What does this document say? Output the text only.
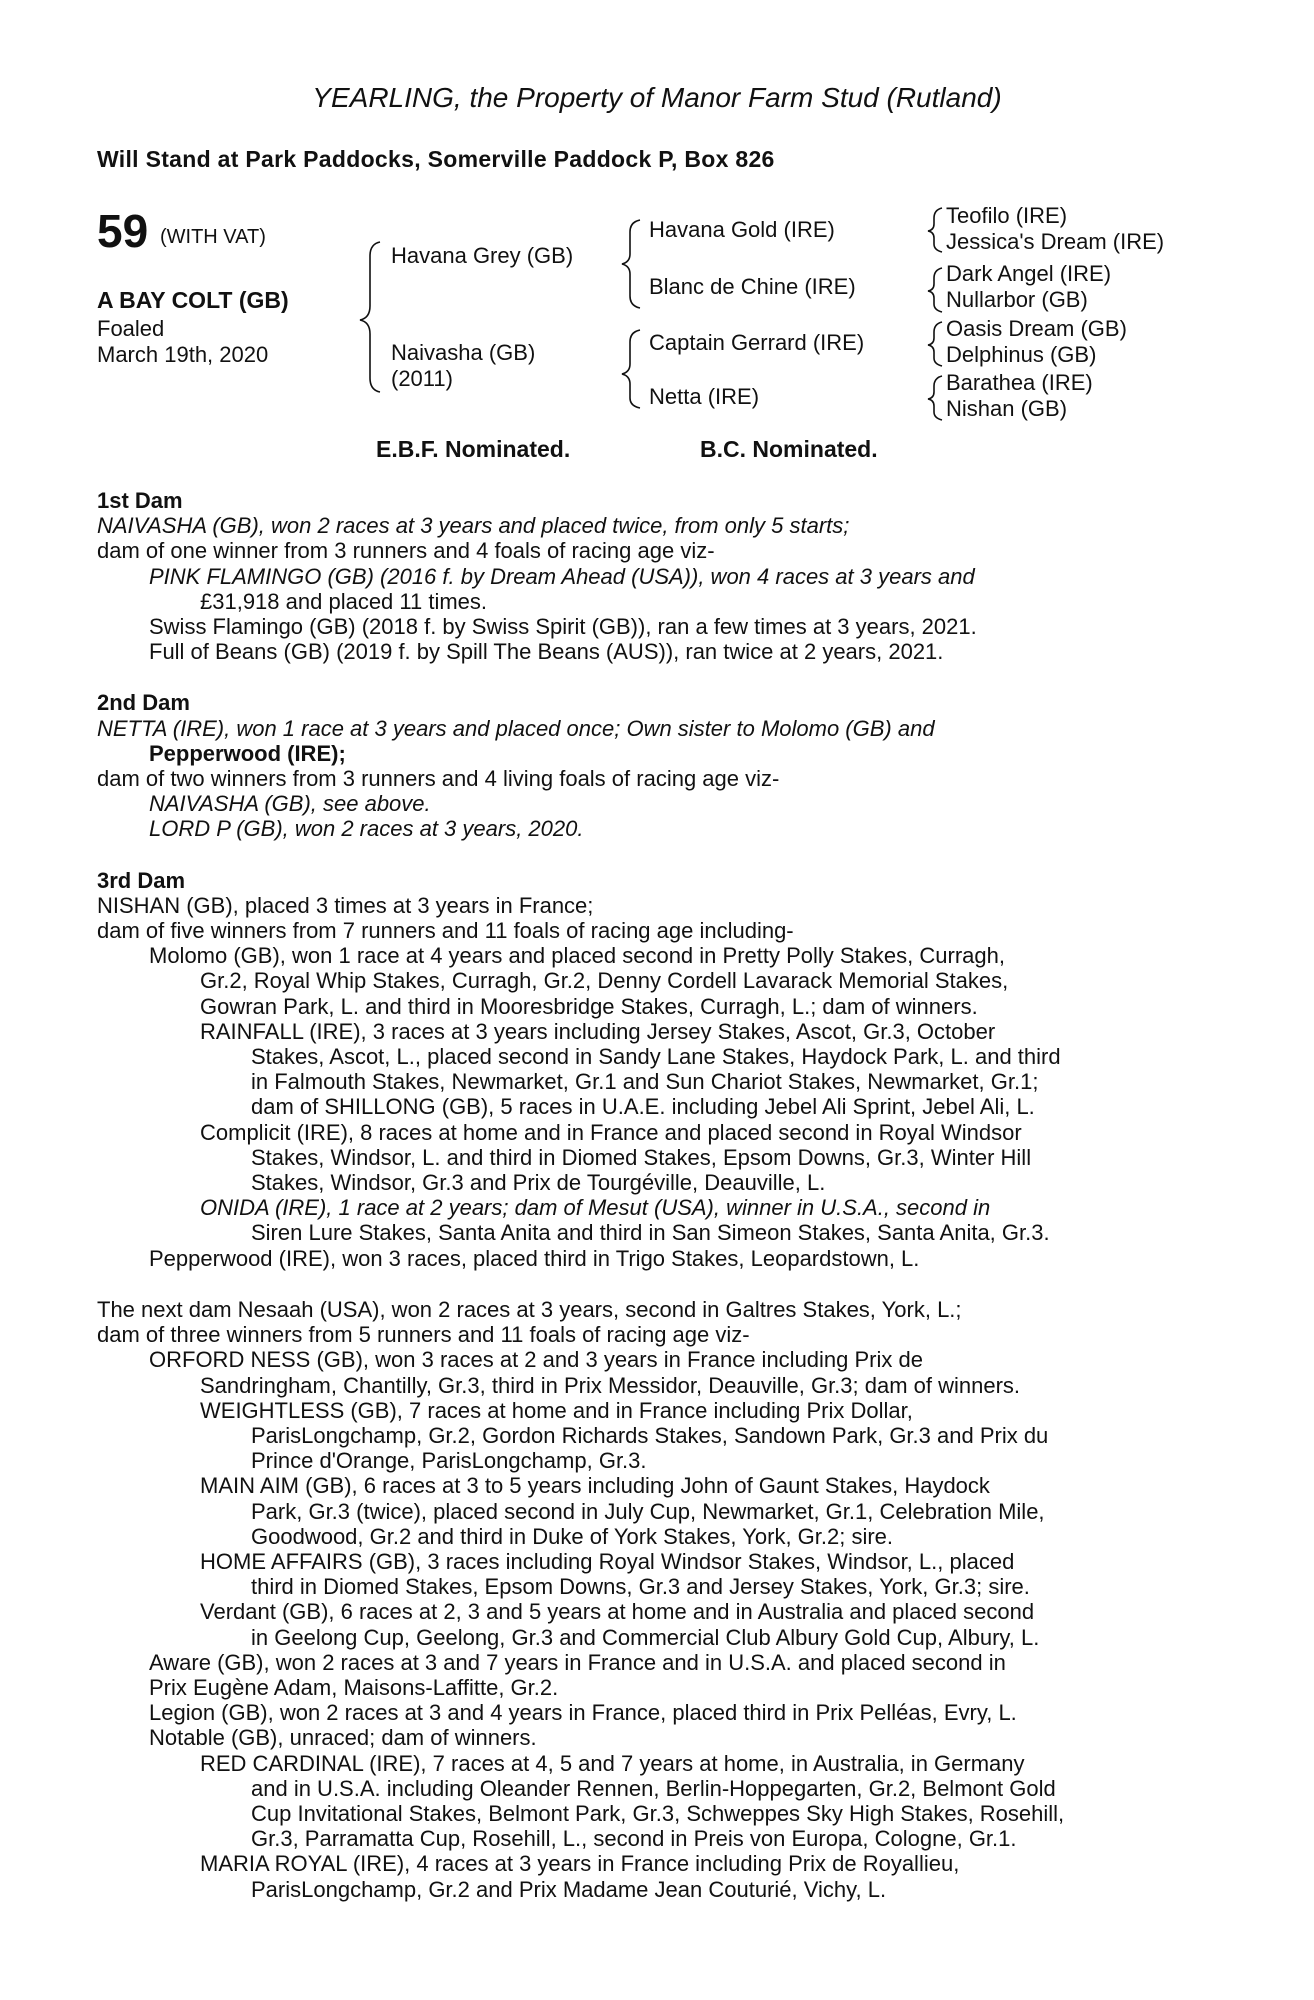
YEARLING, the Property of Manor Farm Stud (Rutland)
Will Stand at Park Paddocks, Somerville Paddock P, Box 826
59 (WITH VAT)
A BAY COLT (GB)
Foaled
March 19th, 2020
Havana Grey (GB)
Naivasha (GB)
(2011)
Havana Gold (IRE)
Blanc de Chine (IRE)
Captain Gerrard (IRE)
Netta (IRE)
Teofilo (IRE)
Jessica's Dream (IRE)
Dark Angel (IRE)
Nullarbor (GB)
Oasis Dream (GB)
Delphinus (GB)
Barathea (IRE)
Nishan (GB)
E.B.F. Nominated.	B.C. Nominated.

1st Dam

NAIVASHA (GB), won 2 races at 3 years and placed twice, from only 5 starts;

dam of one winner from 3 runners and 4 foals of racing age viz-

PINK FLAMINGO (GB) (2016 f. by Dream Ahead (USA)), won 4 races at 3 years and

£31,918 and placed 11 times.

Swiss Flamingo (GB) (2018 f. by Swiss Spirit (GB)), ran a few times at 3 years, 2021.

Full of Beans (GB) (2019 f. by Spill The Beans (AUS)), ran twice at 2 years, 2021.

2nd Dam

NETTA (IRE), won 1 race at 3 years and placed once; Own sister to Molomo (GB) and

Pepperwood (IRE);

dam of two winners from 3 runners and 4 living foals of racing age viz-

NAIVASHA (GB), see above.

LORD P (GB), won 2 races at 3 years, 2020.

3rd Dam

NISHAN (GB), placed 3 times at 3 years in France;

dam of five winners from 7 runners and 11 foals of racing age including-

Molomo (GB), won 1 race at 4 years and placed second in Pretty Polly Stakes, Curragh,

Gr.2, Royal Whip Stakes, Curragh, Gr.2, Denny Cordell Lavarack Memorial Stakes,

Gowran Park, L. and third in Mooresbridge Stakes, Curragh, L.; dam of winners.

RAINFALL (IRE), 3 races at 3 years including Jersey Stakes, Ascot, Gr.3, October

Stakes, Ascot, L., placed second in Sandy Lane Stakes, Haydock Park, L. and third

in Falmouth Stakes, Newmarket, Gr.1 and Sun Chariot Stakes, Newmarket, Gr.1;

dam of SHILLONG (GB), 5 races in U.A.E. including Jebel Ali Sprint, Jebel Ali, L.

Complicit (IRE), 8 races at home and in France and placed second in Royal Windsor

Stakes, Windsor, L. and third in Diomed Stakes, Epsom Downs, Gr.3, Winter Hill

Stakes, Windsor, Gr.3 and Prix de Tourgéville, Deauville, L.

ONIDA (IRE), 1 race at 2 years; dam of Mesut (USA), winner in U.S.A., second in

Siren Lure Stakes, Santa Anita and third in San Simeon Stakes, Santa Anita, Gr.3.

Pepperwood (IRE), won 3 races, placed third in Trigo Stakes, Leopardstown, L.

The next dam Nesaah (USA), won 2 races at 3 years, second in Galtres Stakes, York, L.;

dam of three winners from 5 runners and 11 foals of racing age viz-

ORFORD NESS (GB), won 3 races at 2 and 3 years in France including Prix de

Sandringham, Chantilly, Gr.3, third in Prix Messidor, Deauville, Gr.3; dam of winners.

WEIGHTLESS (GB), 7 races at home and in France including Prix Dollar,

ParisLongchamp, Gr.2, Gordon Richards Stakes, Sandown Park, Gr.3 and Prix du

Prince d'Orange, ParisLongchamp, Gr.3.

MAIN AIM (GB), 6 races at 3 to 5 years including John of Gaunt Stakes, Haydock

Park, Gr.3 (twice), placed second in July Cup, Newmarket, Gr.1, Celebration Mile,

Goodwood, Gr.2 and third in Duke of York Stakes, York, Gr.2; sire.

HOME AFFAIRS (GB), 3 races including Royal Windsor Stakes, Windsor, L., placed

third in Diomed Stakes, Epsom Downs, Gr.3 and Jersey Stakes, York, Gr.3; sire.

Verdant (GB), 6 races at 2, 3 and 5 years at home and in Australia and placed second

in Geelong Cup, Geelong, Gr.3 and Commercial Club Albury Gold Cup, Albury, L.

Aware (GB), won 2 races at 3 and 7 years in France and in U.S.A. and placed second in

Prix Eugène Adam, Maisons-Laffitte, Gr.2.

Legion (GB), won 2 races at 3 and 4 years in France, placed third in Prix Pelléas, Evry, L.

Notable (GB), unraced; dam of winners.

RED CARDINAL (IRE), 7 races at 4, 5 and 7 years at home, in Australia, in Germany

and in U.S.A. including Oleander Rennen, Berlin-Hoppegarten, Gr.2, Belmont Gold

Cup Invitational Stakes, Belmont Park, Gr.3, Schweppes Sky High Stakes, Rosehill,

Gr.3, Parramatta Cup, Rosehill, L., second in Preis von Europa, Cologne, Gr.1.

MARIA ROYAL (IRE), 4 races at 3 years in France including Prix de Royallieu,

ParisLongchamp, Gr.2 and Prix Madame Jean Couturié, Vichy, L.
